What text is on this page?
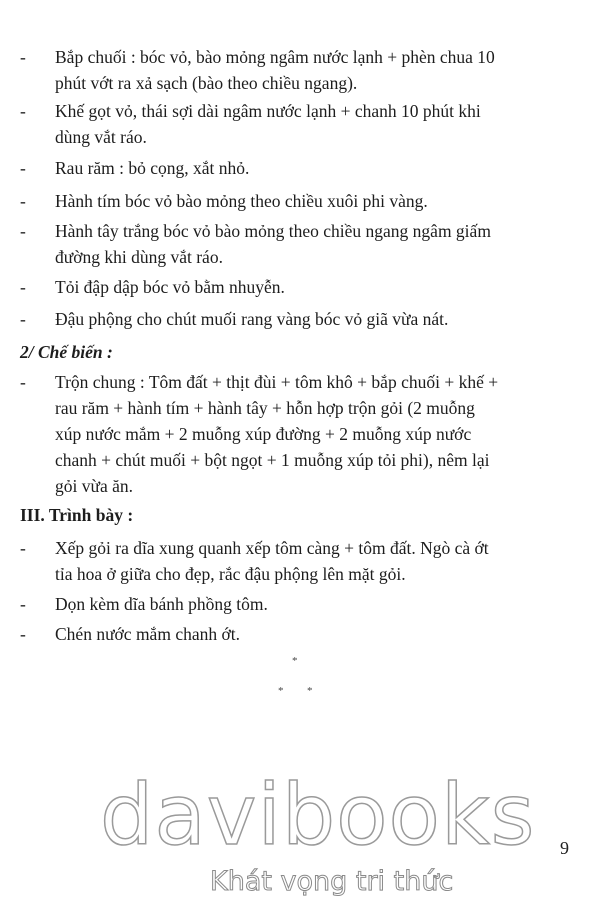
- Bắp chuối : bóc vỏ, bào mỏng ngâm nước lạnh + phèn chua 10
phút vớt ra xả sạch (bào theo chiều ngang).
- Khế gọt vỏ, thái sợi dài ngâm nước lạnh + chanh 10 phút khi
dùng vắt ráo.
- Rau răm : bỏ cọng, xắt nhỏ.
- Hành tím bóc vỏ bào mỏng theo chiều xuôi phi vàng.
- Hành tây trắng bóc vỏ bào mỏng theo chiều ngang ngâm giấm
đường khi dùng vắt ráo.
- Tỏi đập dập bóc vỏ bằm nhuyễn.
- Đậu phộng cho chút muối rang vàng bóc vỏ giã vừa nát.
2/ Chế biến :
- Trộn chung : Tôm đất + thịt đùi + tôm khô + bắp chuối + khế +
rau răm + hành tím + hành tây + hỗn hợp trộn gỏi (2 muỗng
xúp nước mắm + 2 muỗng xúp đường + 2 muỗng xúp nước
chanh + chút muối + bột ngọt + 1 muỗng xúp tỏi phi), nêm lại
gỏi vừa ăn.
III. Trình bày :
- Xếp gỏi ra dĩa xung quanh xếp tôm càng + tôm đất. Ngò cà ớt
tỉa hoa ở giữa cho đẹp, rắc đậu phộng lên mặt gỏi.
- Dọn kèm dĩa bánh phồng tôm.
- Chén nước mắm chanh ớt.
*
* *
davibooks
Khát vọng tri thức
9
